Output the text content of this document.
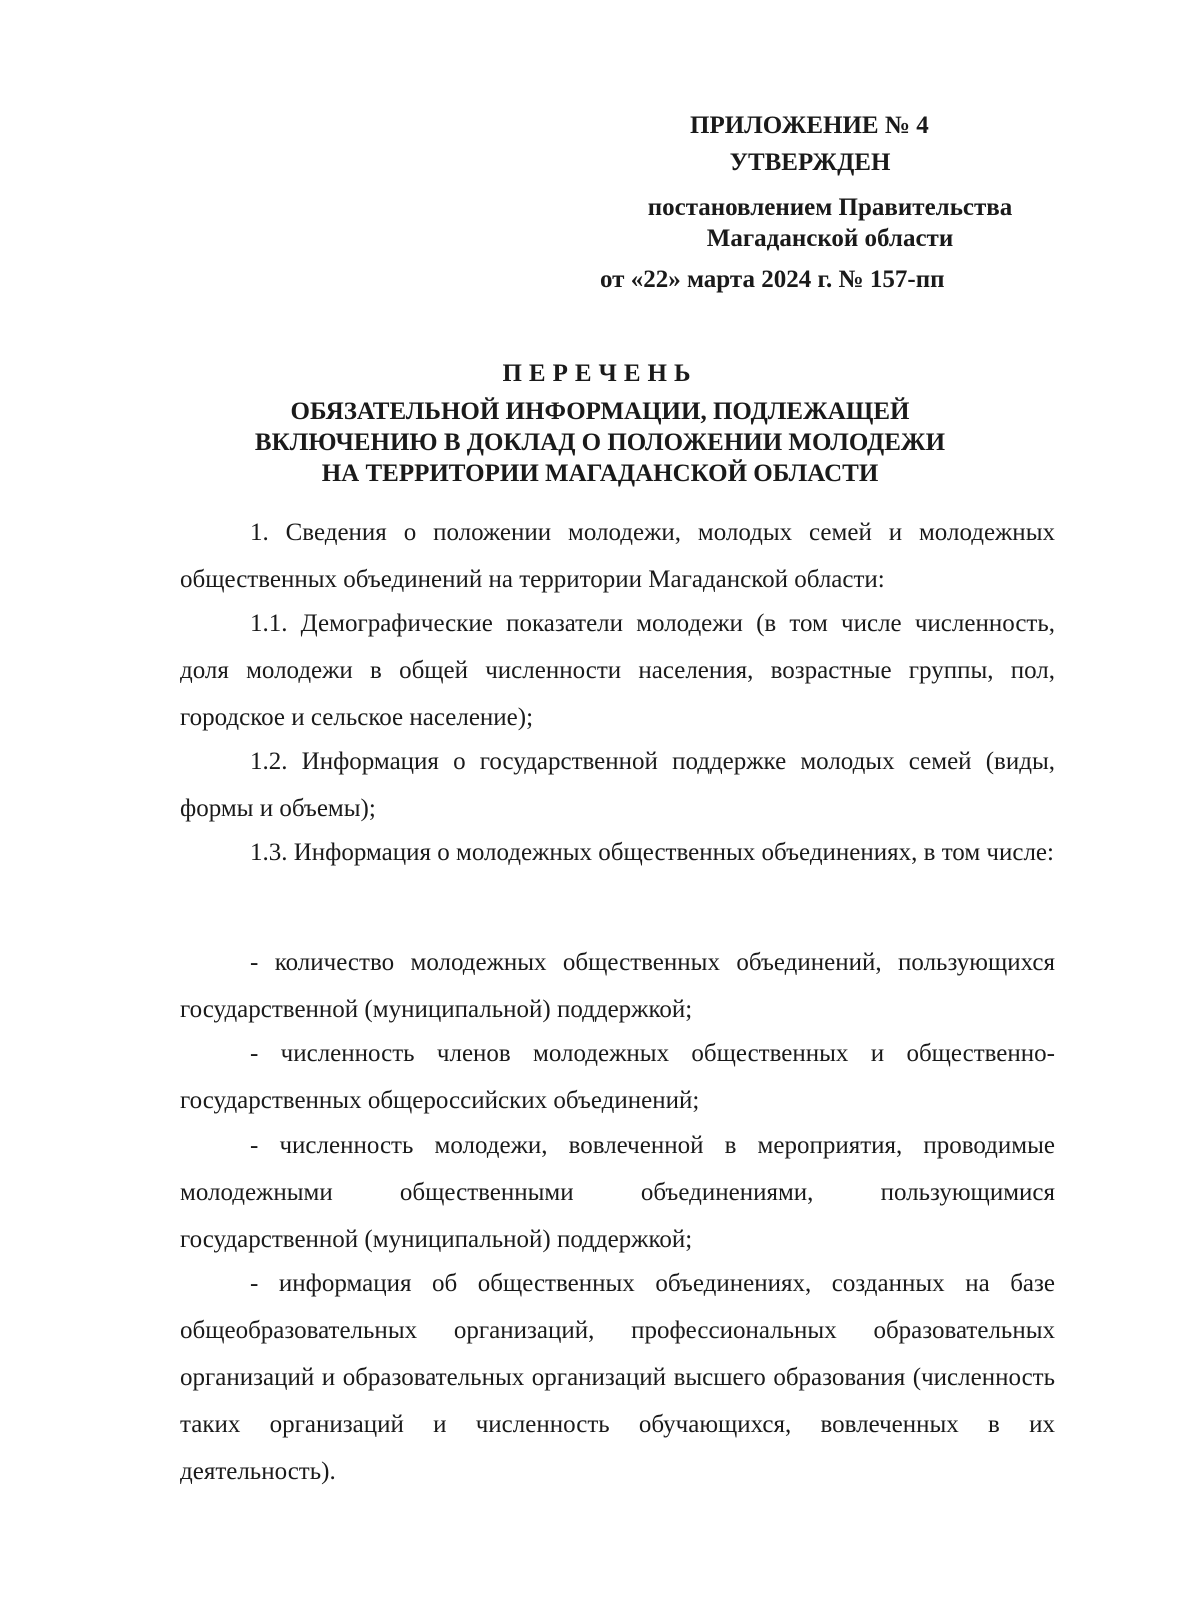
ПРИЛОЖЕНИЕ № 4

УТВЕРЖДЕН

постановлением Правительства
Магаданской области

от «22» марта 2024 г. № 157-пп

ПЕРЕЧЕНЬ

ОБЯЗАТЕЛЬНОЙ ИНФОРМАЦИИ, ПОДЛЕЖАЩЕЙ
ВКЛЮЧЕНИЮ В ДОКЛАД О ПОЛОЖЕНИИ МОЛОДЕЖИ
НА ТЕРРИТОРИИ МАГАДАНСКОЙ ОБЛАСТИ

1. Сведения о положении молодежи, молодых семей и молодежных общественных объединений на территории Магаданской области:

1.1. Демографические показатели молодежи (в том числе численность, доля молодежи в общей численности населения, возрастные группы, пол, городское и сельское население);

1.2. Информация о государственной поддержке молодых семей (виды, формы и объемы);

1.3. Информация о молодежных общественных объединениях, в том числе:

- количество молодежных общественных объединений, пользующихся государственной (муниципальной) поддержкой;

- численность членов молодежных общественных и общественно-государственных общероссийских объединений;

- численность молодежи, вовлеченной в мероприятия, проводимые молодежными общественными объединениями, пользующимися государственной (муниципальной) поддержкой;

- информация об общественных объединениях, созданных на базе общеобразовательных организаций, профессиональных образовательных организаций и образовательных организаций высшего образования (численность таких организаций и численность обучающихся, вовлеченных в их деятельность).
